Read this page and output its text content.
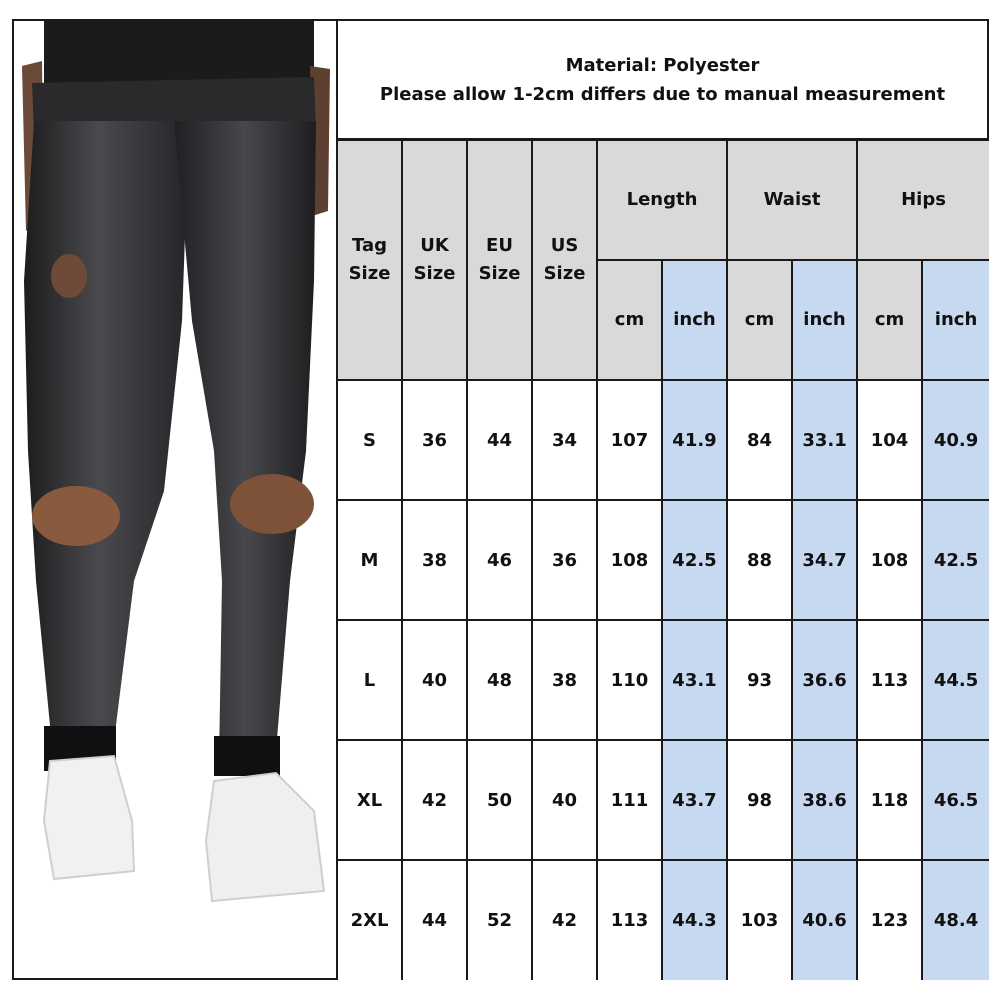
Material: Polyester
Please allow 1-2cm differs due to manual measurement
Tag Size	UK Size	EU Size	US Size	Length		Waist		Hips	
				cm	inch	cm	inch	cm	inch
S	36	44	34	107	41.9	84	33.1	104	40.9
M	38	46	36	108	42.5	88	34.7	108	42.5
L	40	48	38	110	43.1	93	36.6	113	44.5
XL	42	50	40	111	43.7	98	38.6	118	46.5
2XL	44	52	42	113	44.3	103	40.6	123	48.4
